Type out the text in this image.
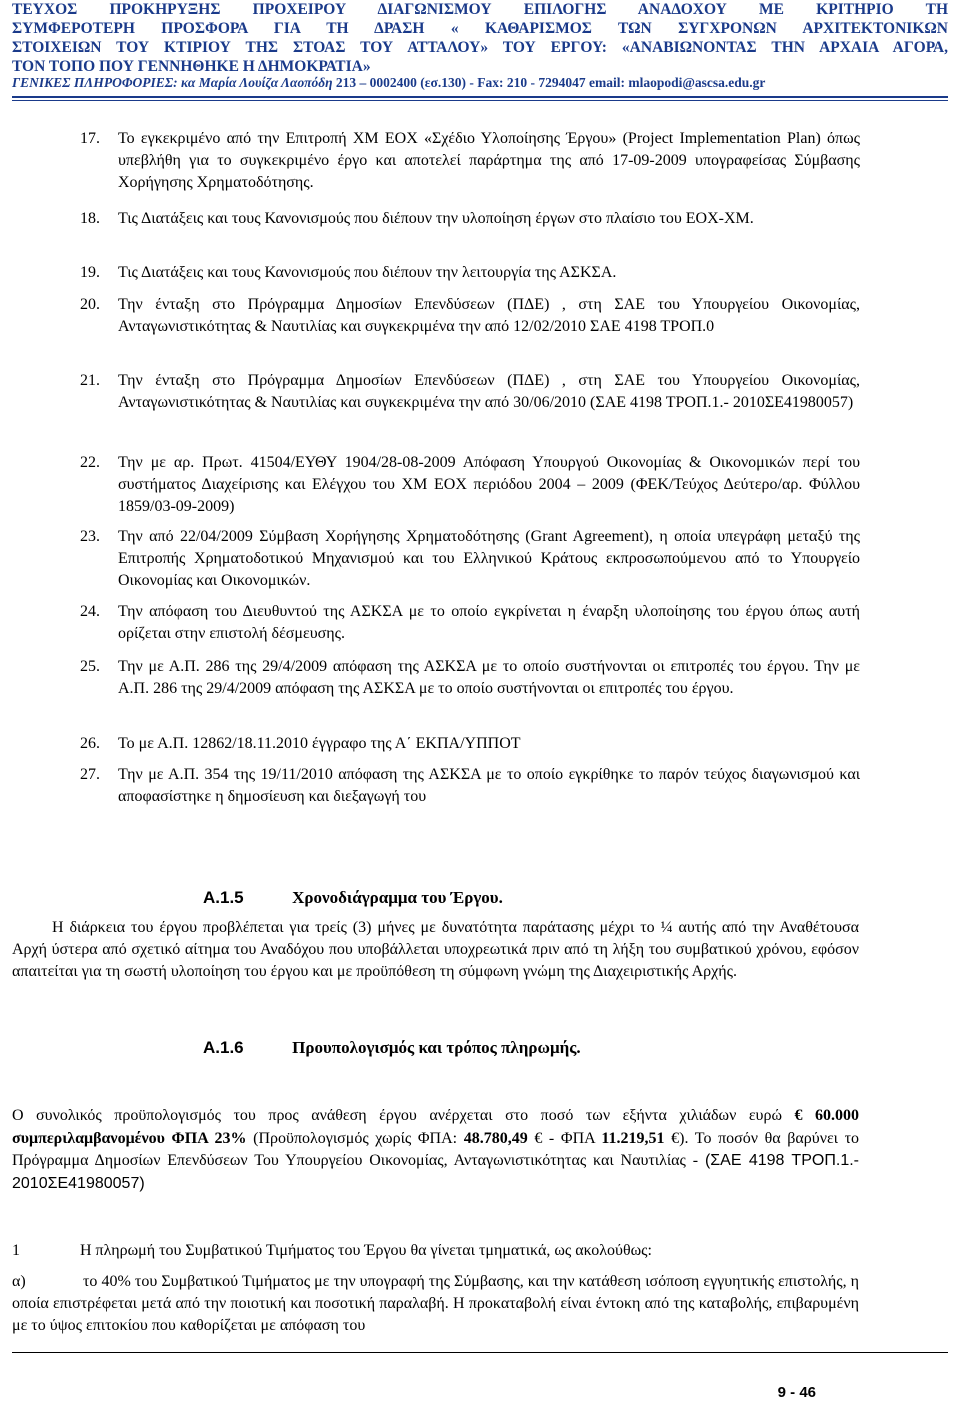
ΤΕΥΧΟΣ ΠΡΟΚΗΡΥΞΗΣ ΠΡΟΧΕΙΡΟΥ ΔΙΑΓΩΝΙΣΜΟΥ ΕΠΙΛΟΓΗΣ ΑΝΑΔΟΧΟΥ ΜΕ ΚΡΙΤΗΡΙΟ ΤΗ
ΣΥΜΦΕΡΟΤΕΡΗ ΠΡΟΣΦΟΡΑ ΓΙΑ ΤΗ ΔΡΑΣΗ « ΚΑΘΑΡΙΣΜΟΣ ΤΩΝ ΣΥΓΧΡΟΝΩΝ ΑΡΧΙΤΕΚΤΟΝΙΚΩΝ
ΣΤΟΙΧΕΙΩΝ ΤΟΥ ΚΤΙΡΙΟΥ ΤΗΣ ΣΤΟΑΣ ΤΟΥ ΑΤΤΑΛΟΥ» ΤΟΥ ΕΡΓΟΥ: «ΑΝΑΒΙΩΝΟΝΤΑΣ ΤΗΝ ΑΡΧΑΙΑ ΑΓΟΡΑ,
ΤΟΝ ΤΟΠΟ ΠΟΥ ΓΕΝΝΗΘΗΚΕ Η ΔΗΜΟΚΡΑΤΙΑ»
ΓΕΝΙΚΕΣ ΠΛΗΡΟΦΟΡΙΕΣ: κα Μαρία Λουίζα Λαοπόδη 213 – 0002400 (εσ.130) - Fax: 210 - 7294047 email: mlaopodi@ascsa.edu.gr
17. Το εγκεκριμένο από την Επιτροπή ΧΜ ΕΟΧ «Σχέδιο Υλοποίησης Έργου» (Project Implementation Plan) όπως υπεβλήθη για το συγκεκριμένο έργο και αποτελεί παράρτημα της από 17-09-2009 υπογραφείσας Σύμβασης Χορήγησης Χρηματοδότησης.
18. Τις Διατάξεις και τους Κανονισμούς που διέπουν την υλοποίηση έργων στο πλαίσιο του ΕΟΧ-ΧΜ.
19. Τις Διατάξεις και τους Κανονισμούς που διέπουν την λειτουργία της ΑΣΚΣΑ.
20. Την ένταξη στο Πρόγραμμα Δημοσίων Επενδύσεων (ΠΔΕ) , στη ΣΑΕ του Υπουργείου Οικονομίας, Ανταγωνιστικότητας & Ναυτιλίας και συγκεκριμένα την από 12/02/2010 ΣΑΕ 4198 ΤΡΟΠ.0
21. Την ένταξη στο Πρόγραμμα Δημοσίων Επενδύσεων (ΠΔΕ) , στη ΣΑΕ του Υπουργείου Οικονομίας, Ανταγωνιστικότητας & Ναυτιλίας και συγκεκριμένα την από 30/06/2010 (ΣΑΕ 4198 ΤΡΟΠ.1.- 2010ΣΕ41980057)
22. Την με αρ. Πρωτ. 41504/ΕΥΘΥ 1904/28-08-2009 Απόφαση Υπουργού Οικονομίας & Οικονομικών περί του συστήματος Διαχείρισης και Ελέγχου του ΧΜ ΕΟΧ περιόδου 2004 – 2009 (ΦΕΚ/Τεύχος Δεύτερο/αρ. Φύλλου 1859/03-09-2009)
23. Την από 22/04/2009 Σύμβαση Χορήγησης Χρηματοδότησης (Grant Agreement), η οποία υπεγράφη μεταξύ της Επιτροπής Χρηματοδοτικού Μηχανισμού και του Ελληνικού Κράτους εκπροσωπούμενου από το Υπουργείο Οικονομίας και Οικονομικών.
24. Την απόφαση του Διευθυντού της ΑΣΚΣΑ με το οποίο εγκρίνεται η έναρξη υλοποίησης του έργου όπως αυτή ορίζεται στην επιστολή δέσμευσης.
25. Την με Α.Π. 286 της 29/4/2009 απόφαση της ΑΣΚΣΑ με το οποίο συστήνονται οι επιτροπές του έργου. Την με Α.Π. 286 της 29/4/2009 απόφαση της ΑΣΚΣΑ με το οποίο συστήνονται οι επιτροπές του έργου.
26. Το με Α.Π. 12862/18.11.2010 έγγραφο της Α΄ ΕΚΠΑ/ΥΠΠΟΤ
27. Την με Α.Π. 354 της 19/11/2010 απόφαση της ΑΣΚΣΑ με το οποίο εγκρίθηκε το παρόν τεύχος διαγωνισμού και αποφασίστηκε η δημοσίευση και διεξαγωγή του
Α.1.5	Χρονοδιάγραμμα του Έργου.
Η διάρκεια του έργου προβλέπεται για τρείς (3) μήνες με δυνατότητα παράτασης μέχρι το ¼ αυτής από την Αναθέτουσα Αρχή ύστερα από σχετικό αίτημα του Αναδόχου που υποβάλλεται υποχρεωτικά πριν από τη λήξη του συμβατικού χρόνου, εφόσον απαιτείται για τη σωστή υλοποίηση του έργου και με προϋπόθεση τη σύμφωνη γνώμη της Διαχειριστικής Αρχής.
Α.1.6	Προυπολογισμός και τρόπος πληρωμής.
Ο συνολικός προϋπολογισμός του προς ανάθεση έργου ανέρχεται στο ποσό των εξήντα χιλιάδων ευρώ € 60.000 συμπεριλαμβανομένου ΦΠΑ 23% (Προϋπολογισμός χωρίς ΦΠΑ: 48.780,49 € - ΦΠΑ 11.219,51 €). Το ποσόν θα βαρύνει το Πρόγραμμα Δημοσίων Επενδύσεων Του Υπουργείου Οικονομίας, Ανταγωνιστικότητας και Ναυτιλίας - (ΣΑΕ 4198 ΤΡΟΠ.1.- 2010ΣΕ41980057)
1	Η πληρωμή του Συμβατικού Τιμήματος του Έργου θα γίνεται τμηματικά, ως ακολούθως:
α)	το 40% του Συμβατικού Τιμήματος με την υπογραφή της Σύμβασης, και την κατάθεση ισόποση εγγυητικής επιστολής, η οποία επιστρέφεται μετά από την ποιοτική και ποσοτική παραλαβή. Η προκαταβολή είναι έντοκη από της καταβολής, επιβαρυμένη με το ύψος επιτοκίου που καθορίζεται με απόφαση του
9 - 46
